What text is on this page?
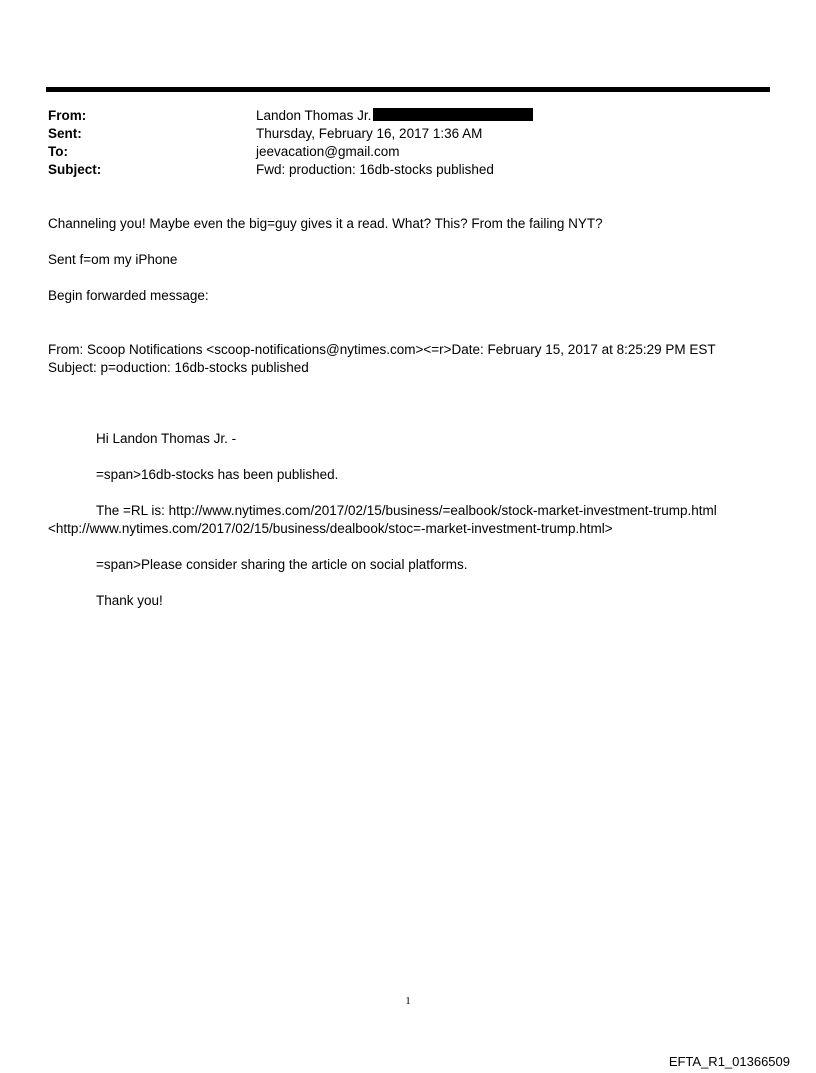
From:	Landon Thomas Jr.
Sent:	Thursday, February 16, 2017 1:36 AM
To:	jeevacation@gmail.com
Subject:	Fwd: production: 16db-stocks published
Channeling you! Maybe even the big=guy gives it a read. What? This? From the failing NYT?
Sent f=om my iPhone
Begin forwarded message:
From: Scoop Notifications <scoop-notifications@nytimes.com><=r>Date: February 15, 2017 at 8:25:29 PM EST
Subject: p=oduction: 16db-stocks published
Hi Landon Thomas Jr. -
=span>16db-stocks has been published.
The =RL is: http://www.nytimes.com/2017/02/15/business/=ealbook/stock-market-investment-trump.html
<http://www.nytimes.com/2017/02/15/business/dealbook/stoc=-market-investment-trump.html>
=span>Please consider sharing the article on social platforms.
Thank you!
1
EFTA_R1_01366509
